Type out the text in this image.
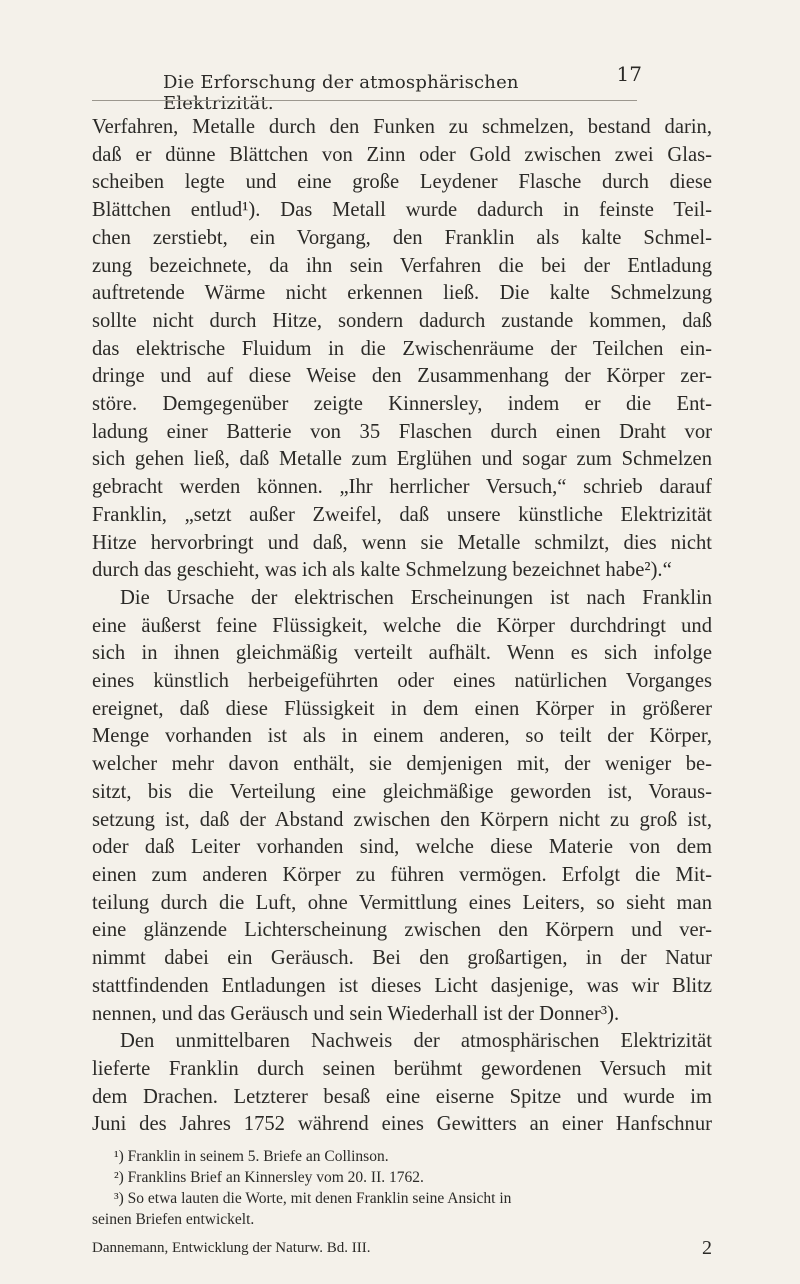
Die Erforschung der atmosphärischen Elektrizität.
17
Verfahren, Metalle durch den Funken zu schmelzen, bestand darin,
daß er dünne Blättchen von Zinn oder Gold zwischen zwei Glas-
scheiben legte und eine große Leydener Flasche durch diese
Blättchen entlud¹). Das Metall wurde dadurch in feinste Teil-
chen zerstiebt, ein Vorgang, den Franklin als kalte Schmel-
zung bezeichnete, da ihn sein Verfahren die bei der Entladung
auftretende Wärme nicht erkennen ließ. Die kalte Schmelzung
sollte nicht durch Hitze, sondern dadurch zustande kommen, daß
das elektrische Fluidum in die Zwischenräume der Teilchen ein-
dringe und auf diese Weise den Zusammenhang der Körper zer-
störe. Demgegenüber zeigte Kinnersley, indem er die Ent-
ladung einer Batterie von 35 Flaschen durch einen Draht vor
sich gehen ließ, daß Metalle zum Erglühen und sogar zum Schmelzen
gebracht werden können. „Ihr herrlicher Versuch,“ schrieb darauf
Franklin, „setzt außer Zweifel, daß unsere künstliche Elektrizität
Hitze hervorbringt und daß, wenn sie Metalle schmilzt, dies nicht
durch das geschieht, was ich als kalte Schmelzung bezeichnet habe²).“
Die Ursache der elektrischen Erscheinungen ist nach Franklin
eine äußerst feine Flüssigkeit, welche die Körper durchdringt und
sich in ihnen gleichmäßig verteilt aufhält. Wenn es sich infolge
eines künstlich herbeigeführten oder eines natürlichen Vorganges
ereignet, daß diese Flüssigkeit in dem einen Körper in größerer
Menge vorhanden ist als in einem anderen, so teilt der Körper,
welcher mehr davon enthält, sie demjenigen mit, der weniger be-
sitzt, bis die Verteilung eine gleichmäßige geworden ist, Voraus-
setzung ist, daß der Abstand zwischen den Körpern nicht zu groß ist,
oder daß Leiter vorhanden sind, welche diese Materie von dem
einen zum anderen Körper zu führen vermögen. Erfolgt die Mit-
teilung durch die Luft, ohne Vermittlung eines Leiters, so sieht man
eine glänzende Lichterscheinung zwischen den Körpern und ver-
nimmt dabei ein Geräusch. Bei den großartigen, in der Natur
stattfindenden Entladungen ist dieses Licht dasjenige, was wir Blitz
nennen, und das Geräusch und sein Wiederhall ist der Donner³).
Den unmittelbaren Nachweis der atmosphärischen Elektrizität
lieferte Franklin durch seinen berühmt gewordenen Versuch mit
dem Drachen. Letzterer besaß eine eiserne Spitze und wurde im
Juni des Jahres 1752 während eines Gewitters an einer Hanfschnur
¹) Franklin in seinem 5. Briefe an Collinson.
²) Franklins Brief an Kinnersley vom 20. II. 1762.
³) So etwa lauten die Worte, mit denen Franklin seine Ansicht in
seinen Briefen entwickelt.
Dannemann, Entwicklung der Naturw. Bd. III.	2
